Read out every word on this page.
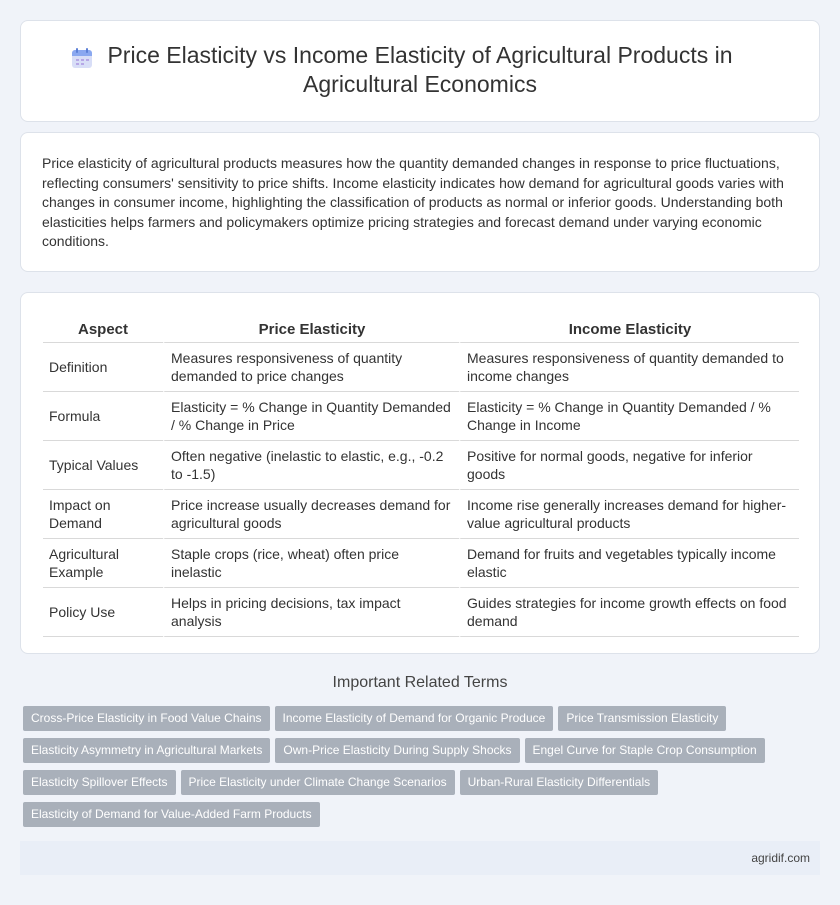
Price Elasticity vs Income Elasticity of Agricultural Products in Agricultural Economics

Price elasticity of agricultural products measures how the quantity demanded changes in response to price fluctuations, reflecting consumers' sensitivity to price shifts. Income elasticity indicates how demand for agricultural goods varies with changes in consumer income, highlighting the classification of products as normal or inferior goods. Understanding both elasticities helps farmers and policymakers optimize pricing strategies and forecast demand under varying economic conditions.

Aspect	Price Elasticity	Income Elasticity
Definition	Measures responsiveness of quantity demanded to price changes	Measures responsiveness of quantity demanded to income changes
Formula	Elasticity = % Change in Quantity Demanded / % Change in Price	Elasticity = % Change in Quantity Demanded / % Change in Income
Typical Values	Often negative (inelastic to elastic, e.g., -0.2 to -1.5)	Positive for normal goods, negative for inferior goods
Impact on Demand	Price increase usually decreases demand for agricultural goods	Income rise generally increases demand for higher-value agricultural products
Agricultural Example	Staple crops (rice, wheat) often price inelastic	Demand for fruits and vegetables typically income elastic
Policy Use	Helps in pricing decisions, tax impact analysis	Guides strategies for income growth effects on food demand
Important Related Terms
Cross-Price Elasticity in Food Value Chains Income Elasticity of Demand for Organic Produce Price Transmission Elasticity
Elasticity Asymmetry in Agricultural Markets Own-Price Elasticity During Supply Shocks Engel Curve for Staple Crop Consumption
Elasticity Spillover Effects Price Elasticity under Climate Change Scenarios Urban-Rural Elasticity Differentials
Elasticity of Demand for Value-Added Farm Products
agridif.com
